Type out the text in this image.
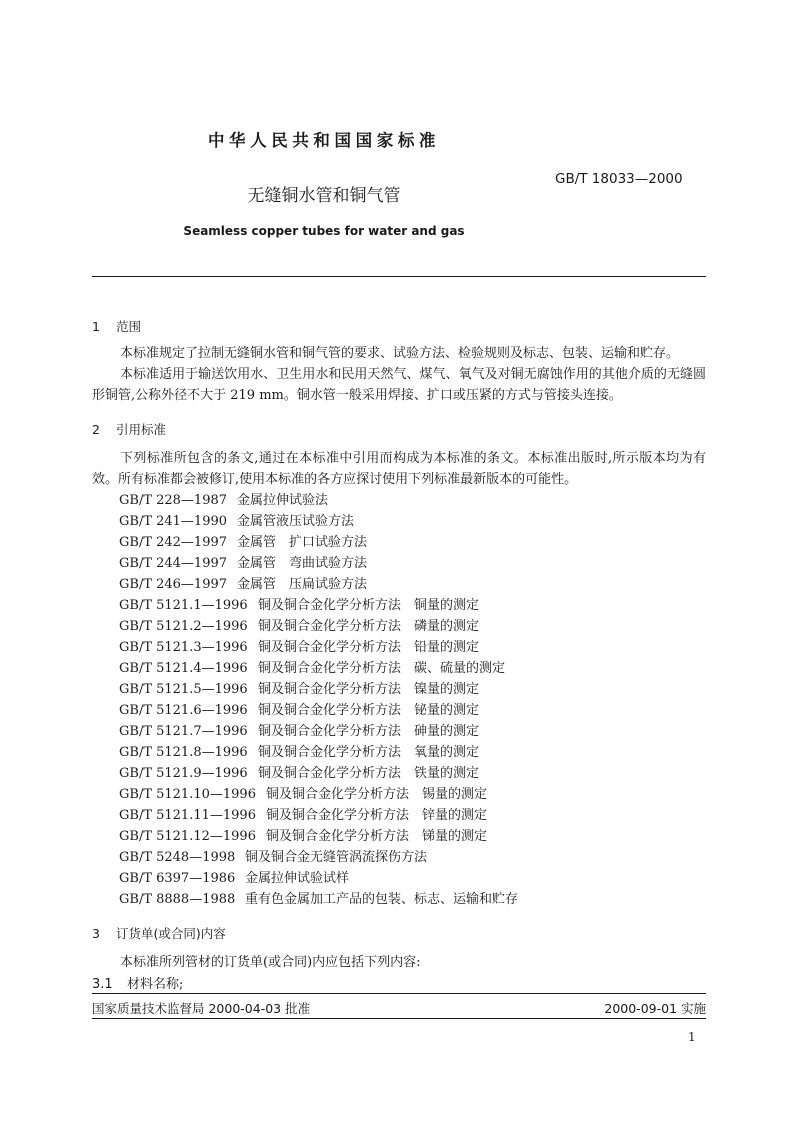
中华人民共和国国家标准
GB/T 18033—2000
无缝铜水管和铜气管
Seamless copper tubes for water and gas
1 范围

本标准规定了拉制无缝铜水管和铜气管的要求、试验方法、检验规则及标志、包装、运输和贮存。

本标准适用于输送饮用水、卫生用水和民用天然气、煤气、氧气及对铜无腐蚀作用的其他介质的无缝圆形铜管,公称外径不大于 219 mm。铜水管一般采用焊接、扩口或压紧的方式与管接头连接。

2 引用标准

下列标准所包含的条文,通过在本标准中引用而构成为本标准的条文。本标准出版时,所示版本均为有效。所有标准都会被修订,使用本标准的各方应探讨使用下列标准最新版本的可能性。

GB/T 228—1987 金属拉伸试验法
GB/T 241—1990 金属管液压试验方法
GB/T 242—1997 金属管　扩口试验方法
GB/T 244—1997 金属管　弯曲试验方法
GB/T 246—1997 金属管　压扁试验方法
GB/T 5121.1—1996 铜及铜合金化学分析方法　铜量的测定
GB/T 5121.2—1996 铜及铜合金化学分析方法　磷量的测定
GB/T 5121.3—1996 铜及铜合金化学分析方法　铅量的测定
GB/T 5121.4—1996 铜及铜合金化学分析方法　碳、硫量的测定
GB/T 5121.5—1996 铜及铜合金化学分析方法　镍量的测定
GB/T 5121.6—1996 铜及铜合金化学分析方法　铋量的测定
GB/T 5121.7—1996 铜及铜合金化学分析方法　砷量的测定
GB/T 5121.8—1996 铜及铜合金化学分析方法　氧量的测定
GB/T 5121.9—1996 铜及铜合金化学分析方法　铁量的测定
GB/T 5121.10—1996 铜及铜合金化学分析方法　锡量的测定
GB/T 5121.11—1996 铜及铜合金化学分析方法　锌量的测定
GB/T 5121.12—1996 铜及铜合金化学分析方法　锑量的测定
GB/T 5248—1998 铜及铜合金无缝管涡流探伤方法
GB/T 6397—1986 金属拉伸试验试样
GB/T 8888—1988 重有色金属加工产品的包装、标志、运输和贮存
3 订货单(或合同)内容

本标准所列管材的订货单(或合同)内应包括下列内容:

3.1 材料名称;
国家质量技术监督局 2000-04-03 批准	2000-09-01 实施
1
